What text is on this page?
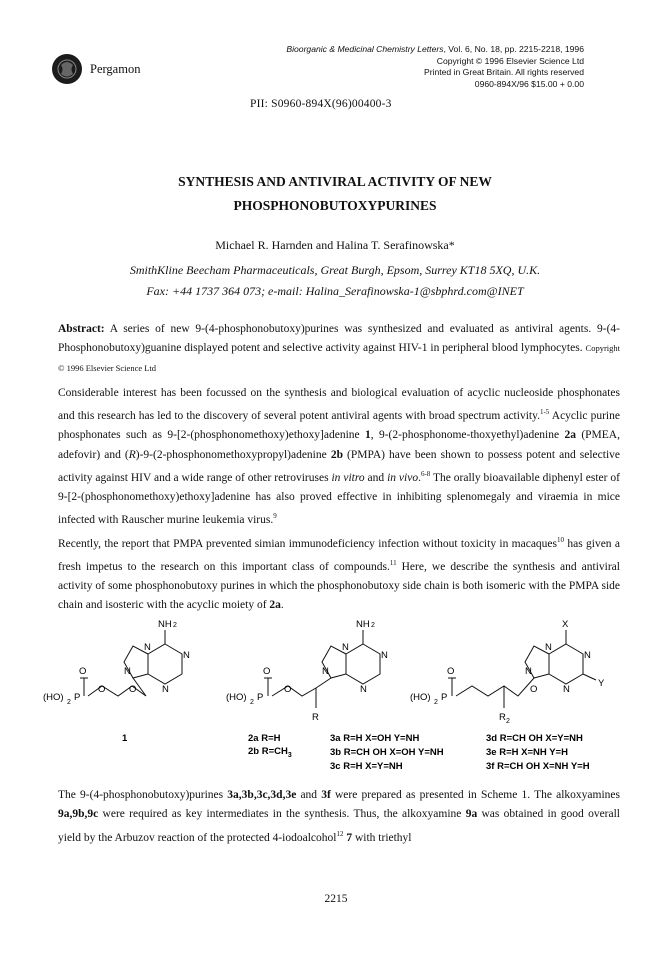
Pergamon
Bioorganic & Medicinal Chemistry Letters, Vol. 6, No. 18, pp. 2215-2218, 1996
Copyright © 1996 Elsevier Science Ltd
Printed in Great Britain. All rights reserved
0960-894X/96 $15.00 + 0.00
PII: S0960-894X(96)00400-3
SYNTHESIS AND ANTIVIRAL ACTIVITY OF NEW
PHOSPHONOBUTOXYPURINES
Michael R. Harnden and Halina T. Serafinowska*
SmithKline Beecham Pharmaceuticals, Great Burgh, Epsom, Surrey KT18 5XQ, U.K.
Fax: +44 1737 364 073; e-mail: Halina_Serafinowska-1@sbphrd.com@INET
Abstract: A series of new 9-(4-phosphonobutoxy)purines was synthesized and evaluated as antiviral agents. 9-(4-Phosphonobutoxy)guanine displayed potent and selective activity against HIV-1 in peripheral blood lymphocytes. Copyright © 1996 Elsevier Science Ltd
Considerable interest has been focussed on the synthesis and biological evaluation of acyclic nucleoside phosphonates and this research has led to the discovery of several potent antiviral agents with broad spectrum activity.$^{1-5}$ Acyclic purine phosphonates such as 9-[2-(phosphonomethoxy)ethoxy]adenine 1, 9-(2-phosphonome-thoxyethyl)adenine 2a (PMEA, adefovir) and (R)-9-(2-phosphonomethoxypropyl)adenine 2b (PMPA) have been shown to possess potent and selective activity against HIV and a wide range of other retroviruses in vitro and in vivo.$^{6-8}$ The orally bioavailable diphenyl ester of 9-[2-(phosphonomethoxy)ethoxy]adenine has also proved effective in inhibiting splenomegaly and viraemia in mice infected with Rauscher murine leukemia virus.$^9$
Recently, the report that PMPA prevented simian immunodeficiency infection without toxicity in macaques$^{10}$ has given a fresh impetus to the research on this important class of compounds.$^{11}$ Here, we describe the synthesis and antiviral activity of some phosphonobutoxy purines in which the phosphonobutoxy side chain is both isomeric with the PMPA side chain and isosteric with the acyclic moiety of 2a.
NH 2
N
N
N
N
O
(HO) 2 P
O O
NH 2
N
N
N
N
O
(HO) 2 P
O
R
X
N
N
N
N
Y
O
(HO) 2 P
O
R 2
1	2a R=H
2b $R=CH_3$
3a R=H X=OH Y=NH
3b R=CH OH X=OH Y=NH
3c R=H X=Y=NH
3d R=CH OH X=Y=NH
3e R=H X=NH Y=H
3f R=CH OH X=NH Y=H
The 9-(4-phosphonobutoxy)purines 3a,3b,3c,3d,3e and 3f were prepared as presented in Scheme 1. The alkoxyamines 9a,9b,9c were required as key intermediates in the synthesis. Thus, the alkoxyamine 9a was obtained in good overall yield by the Arbuzov reaction of the protected 4-iodoalcohol$^{12}$ 7 with triethyl
2215
